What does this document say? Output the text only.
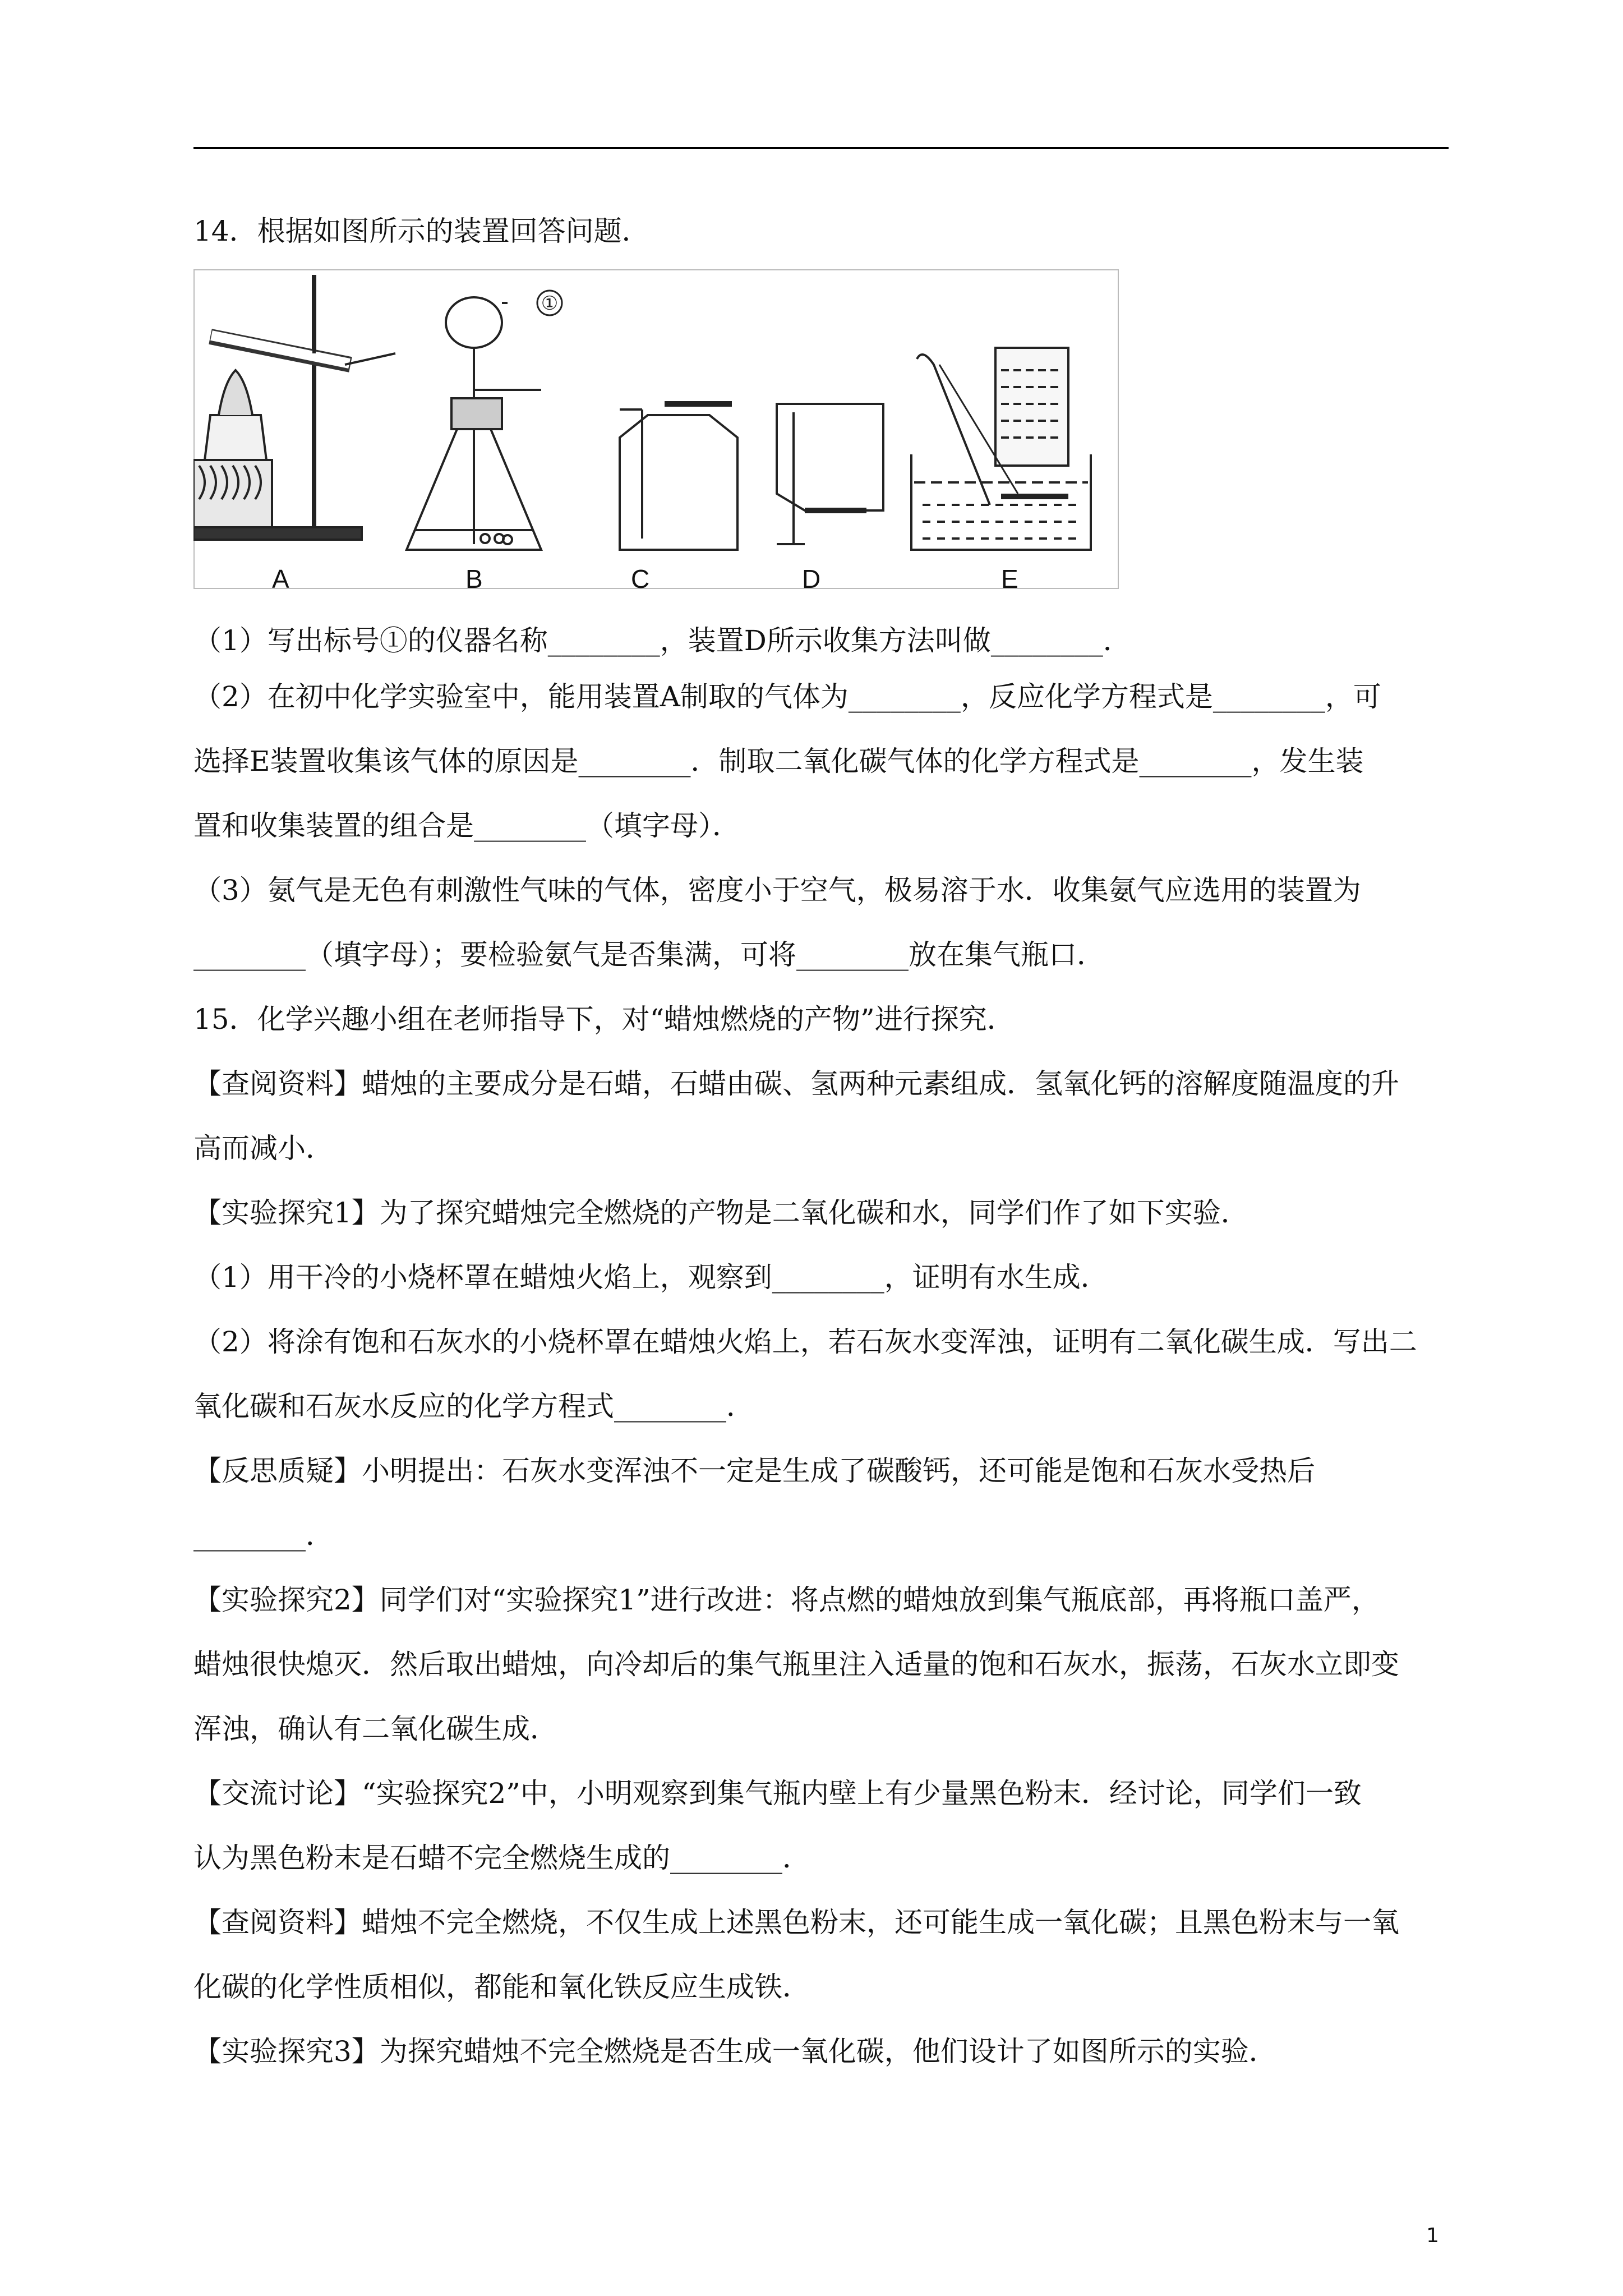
14．根据如图所示的装置回答问题．
①
A	B	C	D	E
（1）写出标号①的仪器名称________，装置D所示收集方法叫做________．
（2）在初中化学实验室中，能用装置A制取的气体为________，反应化学方程式是________，可
选择E装置收集该气体的原因是________．制取二氧化碳气体的化学方程式是________，发生装
置和收集装置的组合是________（填字母）．
（3）氨气是无色有刺激性气味的气体，密度小于空气，极易溶于水．收集氨气应选用的装置为
________（填字母）；要检验氨气是否集满，可将________放在集气瓶口．
15．化学兴趣小组在老师指导下，对“蜡烛燃烧的产物”进行探究．
【查阅资料】蜡烛的主要成分是石蜡，石蜡由碳、氢两种元素组成．氢氧化钙的溶解度随温度的升
高而减小．
【实验探究1】为了探究蜡烛完全燃烧的产物是二氧化碳和水，同学们作了如下实验．
（1）用干冷的小烧杯罩在蜡烛火焰上，观察到________，证明有水生成．
（2）将涂有饱和石灰水的小烧杯罩在蜡烛火焰上，若石灰水变浑浊，证明有二氧化碳生成．写出二
氧化碳和石灰水反应的化学方程式________．
【反思质疑】小明提出：石灰水变浑浊不一定是生成了碳酸钙，还可能是饱和石灰水受热后
________．
【实验探究2】同学们对“实验探究1”进行改进：将点燃的蜡烛放到集气瓶底部，再将瓶口盖严，
蜡烛很快熄灭．然后取出蜡烛，向冷却后的集气瓶里注入适量的饱和石灰水，振荡，石灰水立即变
浑浊，确认有二氧化碳生成．
【交流讨论】“实验探究2”中，小明观察到集气瓶内壁上有少量黑色粉末．经讨论，同学们一致
认为黑色粉末是石蜡不完全燃烧生成的________．
【查阅资料】蜡烛不完全燃烧，不仅生成上述黑色粉末，还可能生成一氧化碳；且黑色粉末与一氧
化碳的化学性质相似，都能和氧化铁反应生成铁．
【实验探究3】为探究蜡烛不完全燃烧是否生成一氧化碳，他们设计了如图所示的实验．
1
